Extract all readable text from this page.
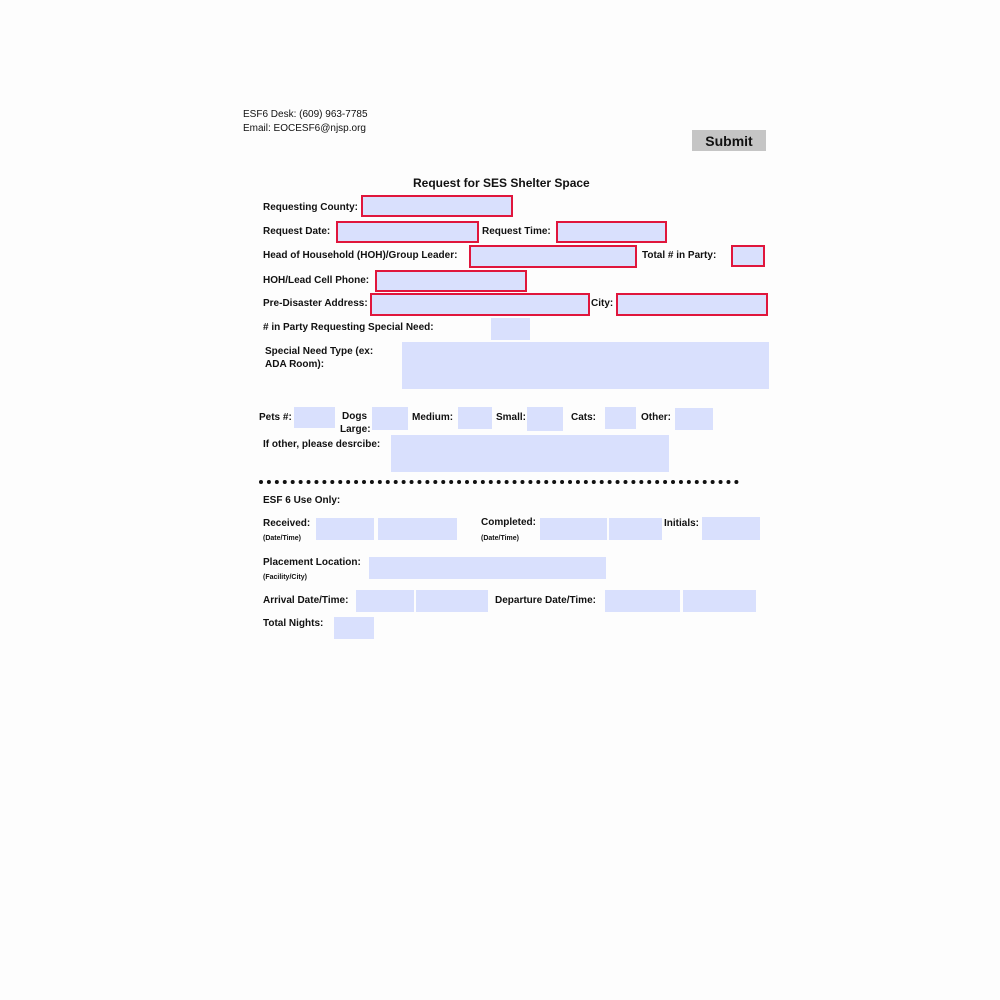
ESF6 Desk: (609) 963-7785
Email: EOCESF6@njsp.org
Submit
Request for SES Shelter Space
Requesting County:
Request Date:	Request Time:
Head of Household (HOH)/Group Leader:	Total # in Party:
HOH/Lead Cell Phone:
Pre-Disaster Address:	City:
# in Party Requesting Special Need:
Special Need Type (ex:
ADA Room):
Pets #:	Dogs
Large:
Medium:	Small:	Cats:	Other:
If other, please desrcibe:
ESF 6 Use Only:
Received:
(Date/Time)
Completed:
(Date/Time)
Initials:
Placement Location:
(Facility/City)
Arrival Date/Time:	Departure Date/Time:
Total Nights:
